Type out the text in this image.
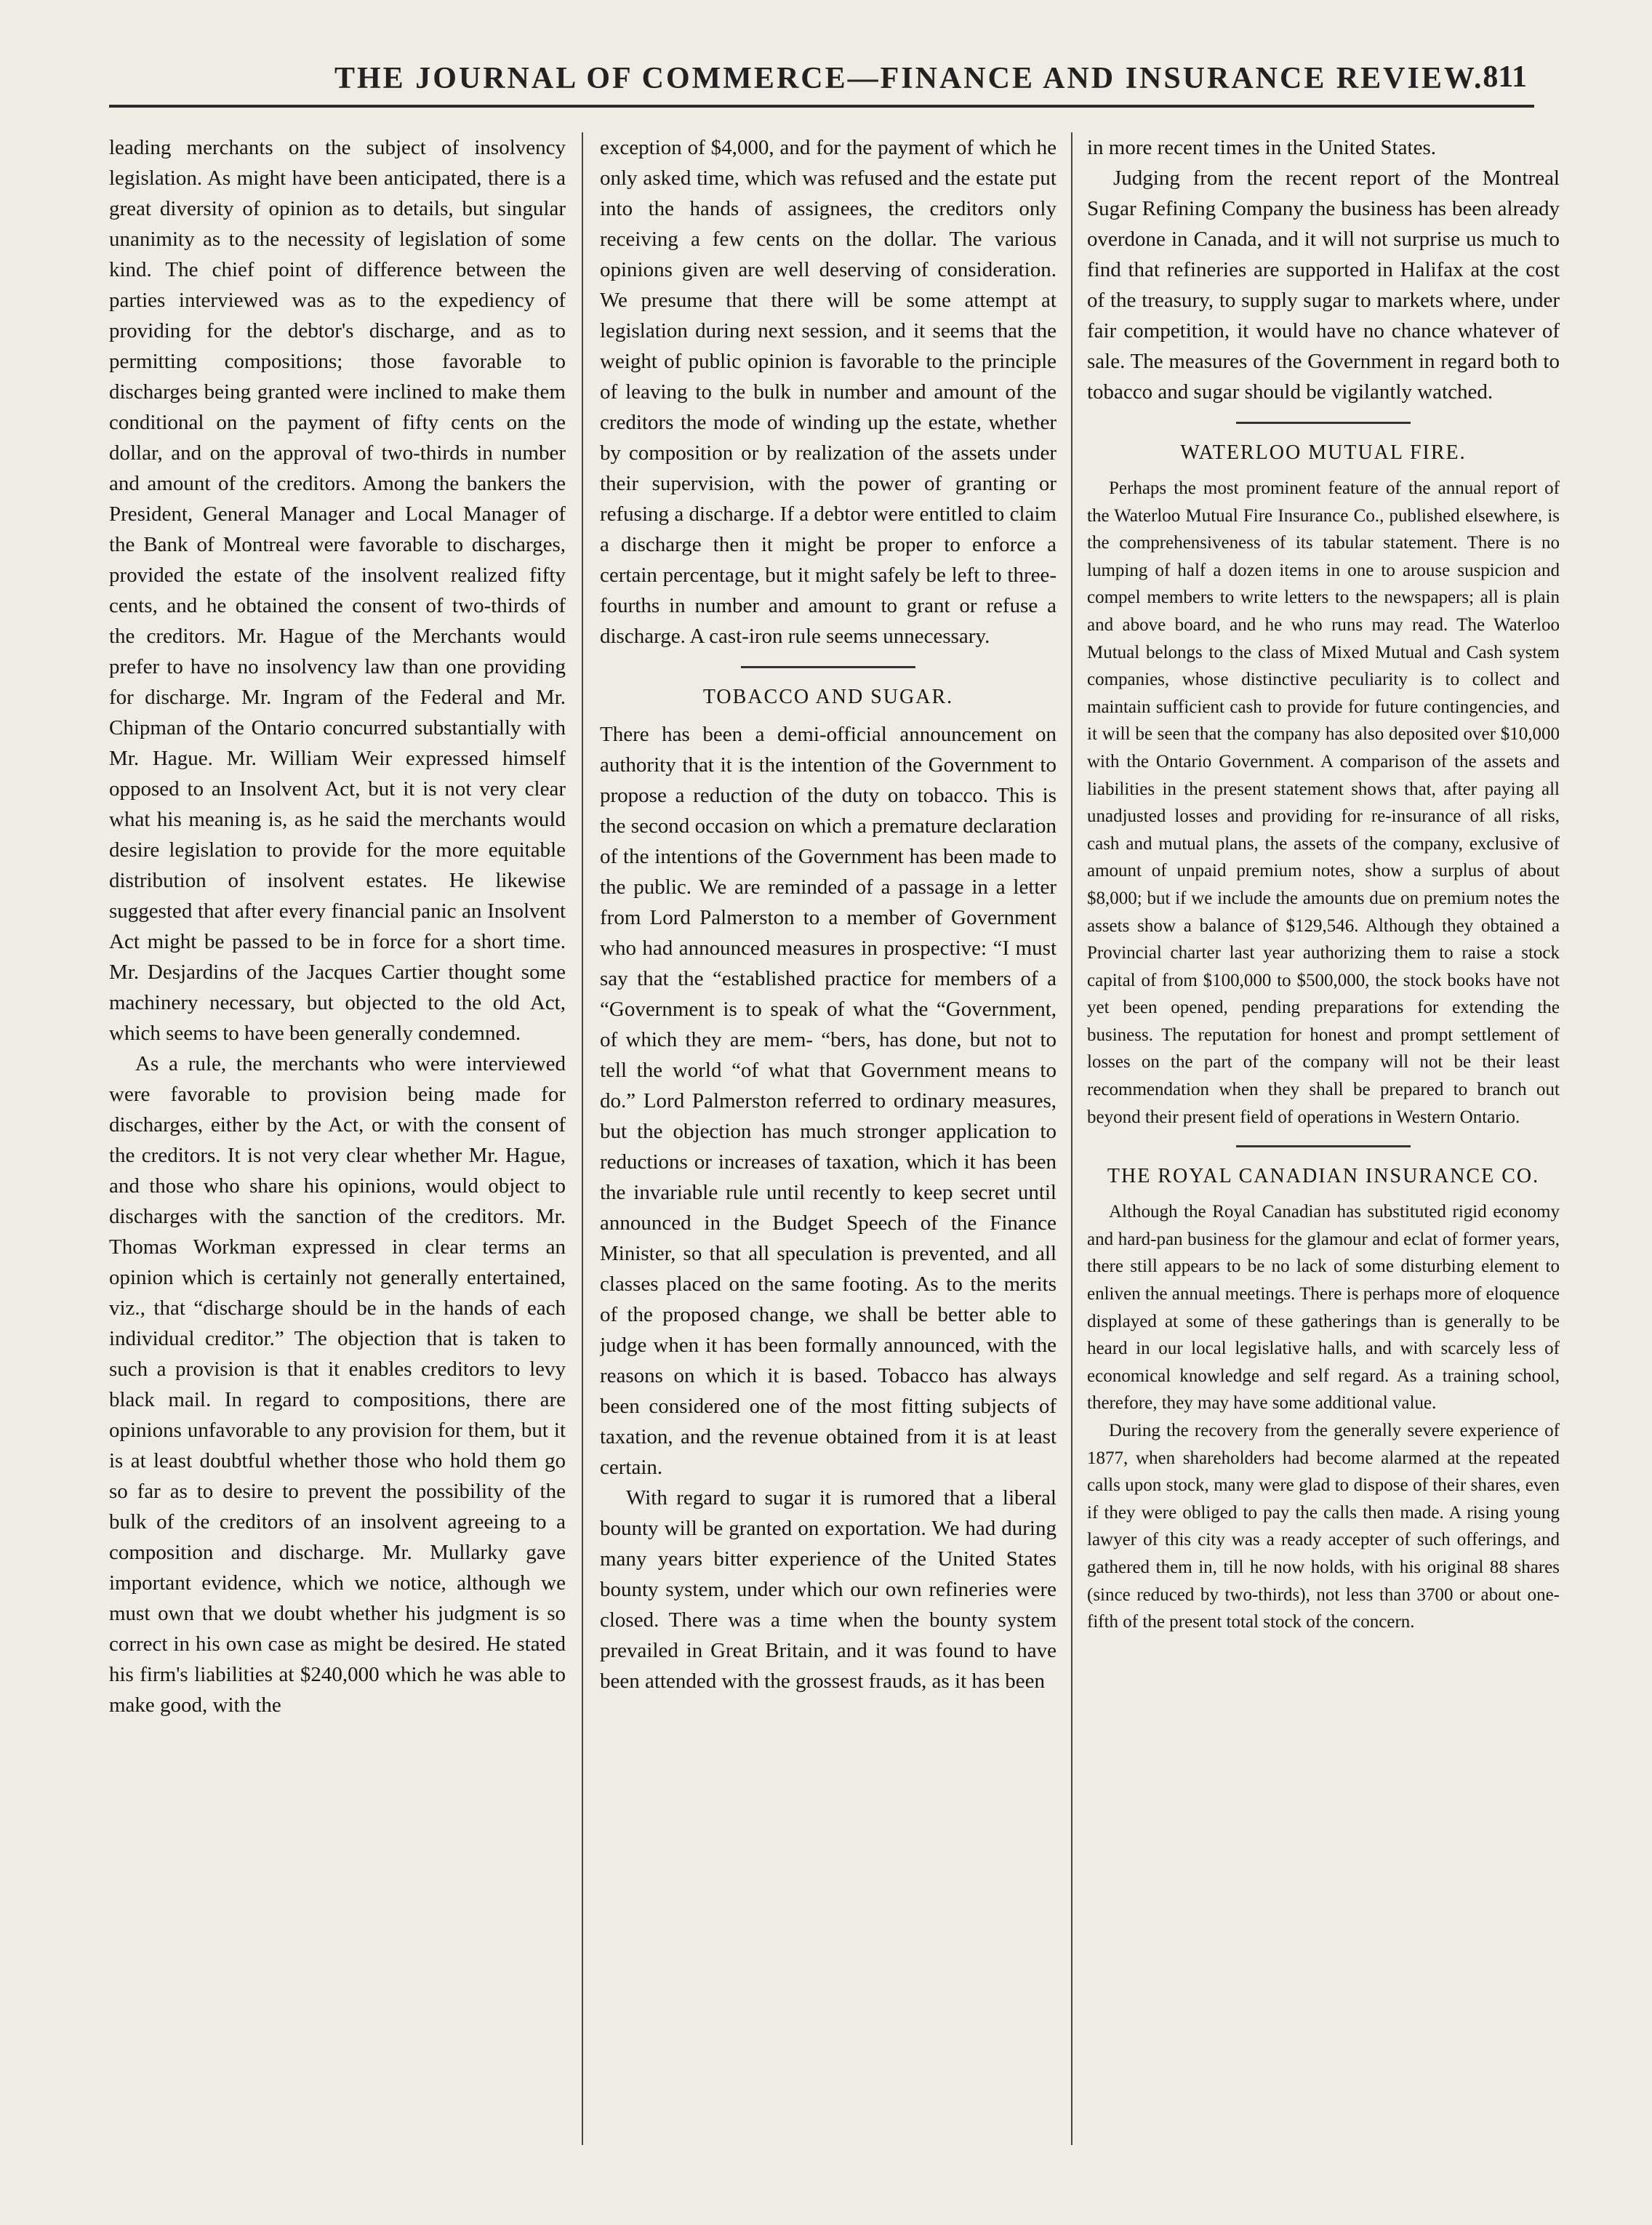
THE JOURNAL OF COMMERCE—FINANCE AND INSURANCE REVIEW.
811

leading merchants on the subject of insolvency legislation. As might have been anticipated, there is a great diversity of opinion as to details, but singular unanimity as to the necessity of legislation of some kind. The chief point of difference between the parties interviewed was as to the expediency of providing for the debtor's discharge, and as to permitting compositions; those favorable to discharges being granted were inclined to make them conditional on the payment of fifty cents on the dollar, and on the approval of two-thirds in number and amount of the creditors. Among the bankers the President, General Manager and Local Manager of the Bank of Montreal were favorable to discharges, provided the estate of the insolvent realized fifty cents, and he obtained the consent of two-thirds of the creditors. Mr. Hague of the Merchants would prefer to have no insolvency law than one providing for discharge. Mr. Ingram of the Federal and Mr. Chipman of the Ontario concurred substantially with Mr. Hague. Mr. William Weir expressed himself opposed to an Insolvent Act, but it is not very clear what his meaning is, as he said the merchants would desire legislation to provide for the more equitable distribution of insolvent estates. He likewise suggested that after every financial panic an Insolvent Act might be passed to be in force for a short time. Mr. Desjardins of the Jacques Cartier thought some machinery necessary, but objected to the old Act, which seems to have been generally condemned.

As a rule, the merchants who were interviewed were favorable to provision being made for discharges, either by the Act, or with the consent of the creditors. It is not very clear whether Mr. Hague, and those who share his opinions, would object to discharges with the sanction of the creditors. Mr. Thomas Workman expressed in clear terms an opinion which is certainly not generally entertained, viz., that “discharge should be in the hands of each individual creditor.” The objection that is taken to such a provision is that it enables creditors to levy black mail. In regard to compositions, there are opinions unfavorable to any provision for them, but it is at least doubtful whether those who hold them go so far as to desire to prevent the possibility of the bulk of the creditors of an insolvent agreeing to a composition and discharge. Mr. Mullarky gave important evidence, which we notice, although we must own that we doubt whether his judgment is so correct in his own case as might be desired. He stated his firm's liabilities at $240,000 which he was able to make good, with the

exception of $4,000, and for the payment of which he only asked time, which was refused and the estate put into the hands of assignees, the creditors only receiving a few cents on the dollar. The various opinions given are well deserving of consideration. We presume that there will be some attempt at legislation during next session, and it seems that the weight of public opinion is favorable to the principle of leaving to the bulk in number and amount of the creditors the mode of winding up the estate, whether by composition or by realization of the assets under their supervision, with the power of granting or refusing a discharge. If a debtor were entitled to claim a discharge then it might be proper to enforce a certain percentage, but it might safely be left to three-fourths in number and amount to grant or refuse a discharge. A cast-iron rule seems unnecessary.

TOBACCO AND SUGAR.

There has been a demi-official announcement on authority that it is the intention of the Government to propose a reduction of the duty on tobacco. This is the second occasion on which a premature declaration of the intentions of the Government has been made to the public. We are reminded of a passage in a letter from Lord Palmerston to a member of Government who had announced measures in prospective: “I must say that the “established practice for members of a “Government is to speak of what the “Government, of which they are mem- “bers, has done, but not to tell the world “of what that Government means to do.” Lord Palmerston referred to ordinary measures, but the objection has much stronger application to reductions or increases of taxation, which it has been the invariable rule until recently to keep secret until announced in the Budget Speech of the Finance Minister, so that all speculation is prevented, and all classes placed on the same footing. As to the merits of the proposed change, we shall be better able to judge when it has been formally announced, with the reasons on which it is based. Tobacco has always been considered one of the most fitting subjects of taxation, and the revenue obtained from it is at least certain.

With regard to sugar it is rumored that a liberal bounty will be granted on exportation. We had during many years bitter experience of the United States bounty system, under which our own refineries were closed. There was a time when the bounty system prevailed in Great Britain, and it was found to have been attended with the grossest frauds, as it has been

in more recent times in the United States.

Judging from the recent report of the Montreal Sugar Refining Company the business has been already overdone in Canada, and it will not surprise us much to find that refineries are supported in Halifax at the cost of the treasury, to supply sugar to markets where, under fair competition, it would have no chance whatever of sale. The measures of the Government in regard both to tobacco and sugar should be vigilantly watched.

WATERLOO MUTUAL FIRE.

Perhaps the most prominent feature of the annual report of the Waterloo Mutual Fire Insurance Co., published elsewhere, is the comprehensiveness of its tabular statement. There is no lumping of half a dozen items in one to arouse suspicion and compel members to write letters to the newspapers; all is plain and above board, and he who runs may read. The Waterloo Mutual belongs to the class of Mixed Mutual and Cash system companies, whose distinctive peculiarity is to collect and maintain sufficient cash to provide for future contingencies, and it will be seen that the company has also deposited over $10,000 with the Ontario Government. A comparison of the assets and liabilities in the present statement shows that, after paying all unadjusted losses and providing for re-insurance of all risks, cash and mutual plans, the assets of the company, exclusive of amount of unpaid premium notes, show a surplus of about $8,000; but if we include the amounts due on premium notes the assets show a balance of $129,546. Although they obtained a Provincial charter last year authorizing them to raise a stock capital of from $100,000 to $500,000, the stock books have not yet been opened, pending preparations for extending the business. The reputation for honest and prompt settlement of losses on the part of the company will not be their least recommendation when they shall be prepared to branch out beyond their present field of operations in Western Ontario.

THE ROYAL CANADIAN INSURANCE CO.

Although the Royal Canadian has substituted rigid economy and hard-pan business for the glamour and eclat of former years, there still appears to be no lack of some disturbing element to enliven the annual meetings. There is perhaps more of eloquence displayed at some of these gatherings than is generally to be heard in our local legislative halls, and with scarcely less of economical knowledge and self regard. As a training school, therefore, they may have some additional value.

During the recovery from the generally severe experience of 1877, when shareholders had become alarmed at the repeated calls upon stock, many were glad to dispose of their shares, even if they were obliged to pay the calls then made. A rising young lawyer of this city was a ready accepter of such offerings, and gathered them in, till he now holds, with his original 88 shares (since reduced by two-thirds), not less than 3700 or about one-fifth of the present total stock of the concern.
